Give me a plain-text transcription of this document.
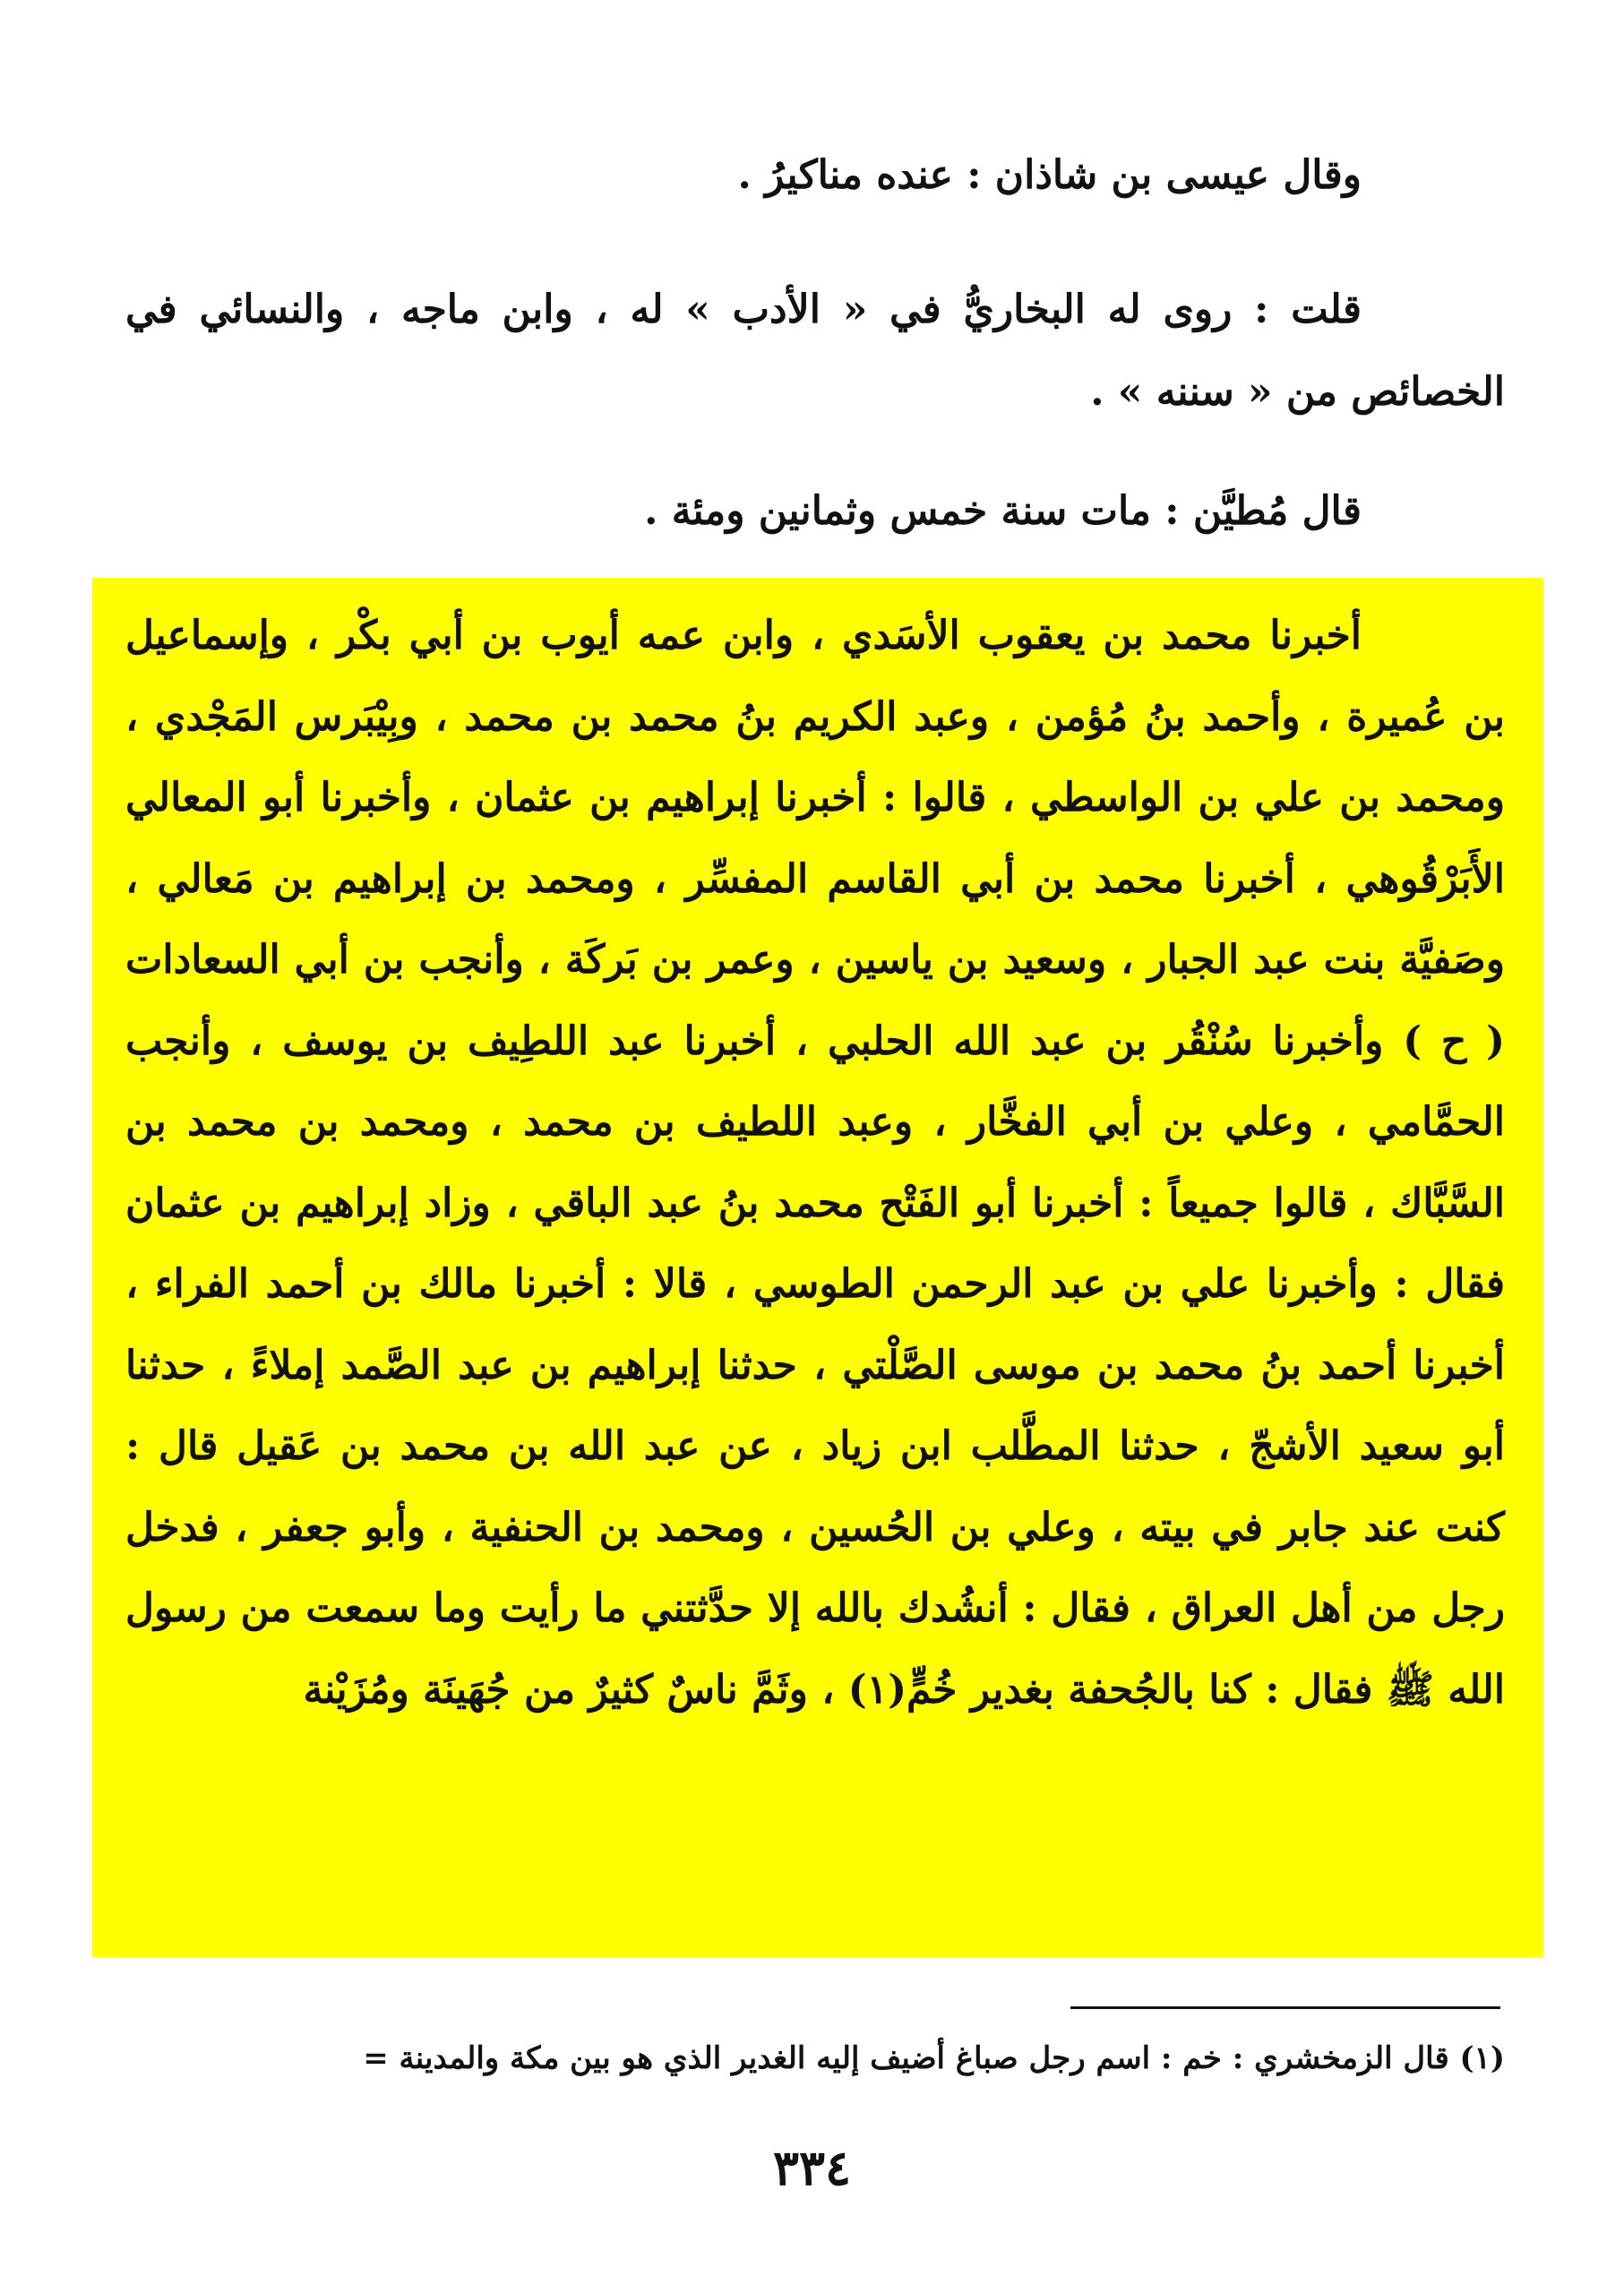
وقال عيسى بن شاذان : عنده مناكيرُ .

قلت : روى له البخاريُّ في « الأدب » له ، وابن ماجه ، والنسائي في الخصائص من « سننه » .

قال مُطيَّن : مات سنة خمس وثمانين ومئة .

أخبرنا محمد بن يعقوب الأسَدي ، وابن عمه أيوب بن أبي بكْر ، وإسماعيل بن عُميرة ، وأحمد بنُ مُؤمن ، وعبد الكريم بنُ محمد بن محمد ، وبِيْبَرس المَجْدي ، ومحمد بن علي بن الواسطي ، قالوا : أخبرنا إبراهيم بن عثمان ، وأخبرنا أبو المعالي الأَبَرْقُوهي ، أخبرنا محمد بن أبي القاسم المفسِّر ، ومحمد بن إبراهيم بن مَعالي ، وصَفيَّة بنت عبد الجبار ، وسعيد بن ياسين ، وعمر بن بَركَة ، وأنجب بن أبي السعادات ( ح ) وأخبرنا سُنْقُر بن عبد الله الحلبي ، أخبرنا عبد اللطِيف بن يوسف ، وأنجب الحمَّامي ، وعلي بن أبي الفخَّار ، وعبد اللطيف بن محمد ، ومحمد بن محمد بن السَّبَّاك ، قالوا جميعاً : أخبرنا أبو الفَتْح محمد بنُ عبد الباقي ، وزاد إبراهيم بن عثمان فقال : وأخبرنا علي بن عبد الرحمن الطوسي ، قالا : أخبرنا مالك بن أحمد الفراء ، أخبرنا أحمد بنُ محمد بن موسى الصَّلْتي ، حدثنا إبراهيم بن عبد الصَّمد إملاءً ، حدثنا أبو سعيد الأشجّ ، حدثنا المطَّلب ابن زياد ، عن عبد الله بن محمد بن عَقيل قال : كنت عند جابر في بيته ، وعلي بن الحُسين ، ومحمد بن الحنفية ، وأبو جعفر ، فدخل رجل من أهل العراق ، فقال : أنشُدك بالله إلا حدَّثتني ما رأيت وما سمعت من رسول الله ﷺ فقال : كنا بالجُحفة بغدير خُمٍّ(١) ، وثَمَّ ناسٌ كثيرٌ من جُهَينَة ومُزَيْنة

(١) قال الزمخشري : خم : اسم رجل صباغ أضيف إليه الغدير الذي هو بين مكة والمدينة =

٣٣٤
